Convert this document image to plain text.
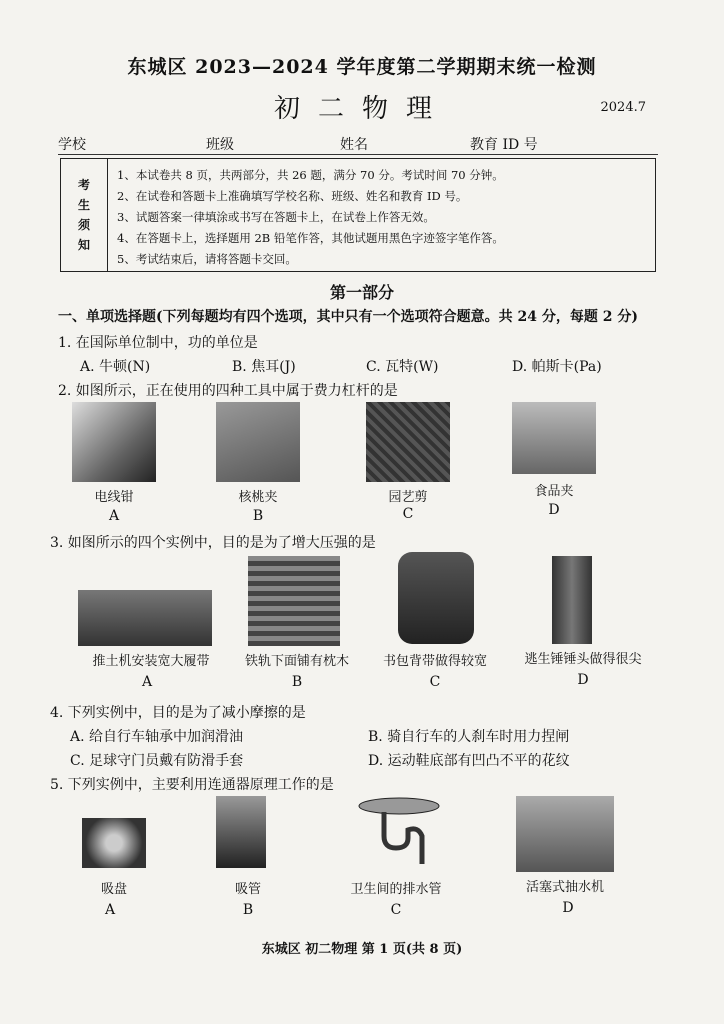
东城区 2023—2024 学年度第二学期期末统一检测
初二物理	2024.7
学校	班级	姓名	教育 ID 号
考
生
须
知
1、本试卷共 8 页，共两部分，共 26 题，满分 70 分。考试时间 70 分钟。
2、在试卷和答题卡上准确填写学校名称、班级、姓名和教育 ID 号。
3、试题答案一律填涂或书写在答题卡上，在试卷上作答无效。
4、在答题卡上，选择题用 2B 铅笔作答，其他试题用黑色字迹签字笔作答。
5、考试结束后，请将答题卡交回。
第一部分
一、单项选择题(下列每题均有四个选项，其中只有一个选项符合题意。共 24 分，每题 2 分)
1. 在国际单位制中，功的单位是
A. 牛顿(N)	B. 焦耳(J)	C. 瓦特(W)	D. 帕斯卡(Pa)
2. 如图所示，正在使用的四种工具中属于费力杠杆的是
电线钳	核桃夹	园艺剪	食品夹
A	B	C	D
3. 如图所示的四个实例中，目的是为了增大压强的是
推土机安装宽大履带	铁轨下面铺有枕木	书包背带做得较宽	逃生锤锤头做得很尖
A	B	C	D
4. 下列实例中，目的是为了减小摩擦的是
A. 给自行车轴承中加润滑油	B. 骑自行车的人刹车时用力捏闸
C. 足球守门员戴有防滑手套	D. 运动鞋底部有凹凸不平的花纹
5. 下列实例中，主要利用连通器原理工作的是
吸盘	吸管	卫生间的排水管	活塞式抽水机
A	B	C	D
东城区 初二物理 第 1 页(共 8 页)
